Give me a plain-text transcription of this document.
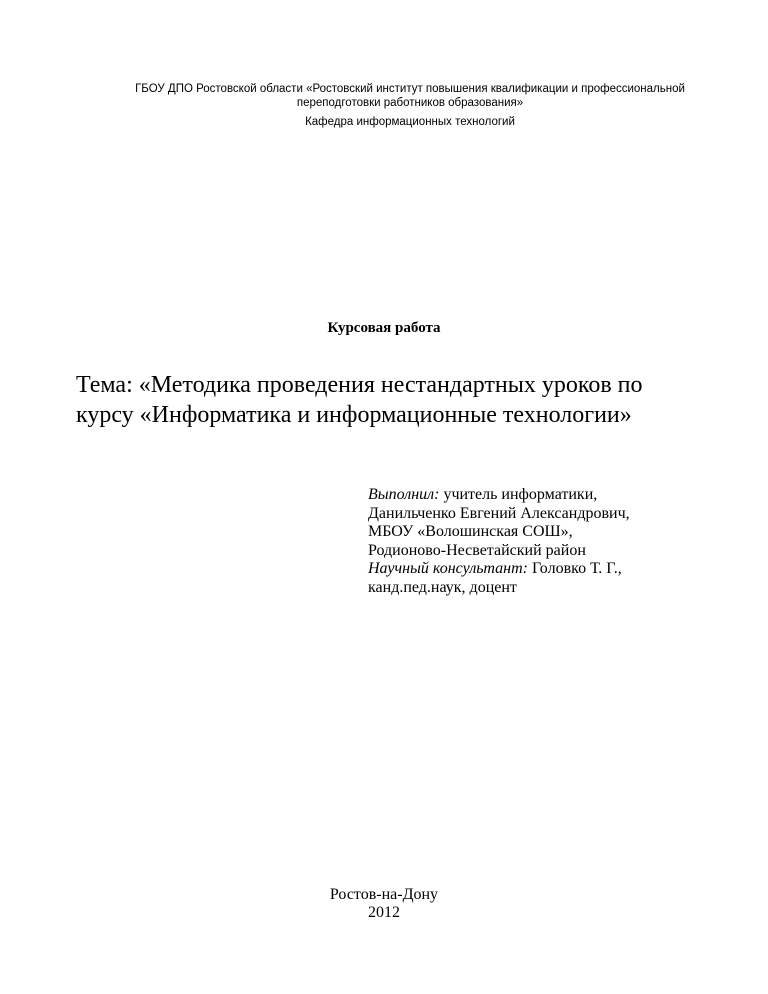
ГБОУ ДПО Ростовской области «Ростовский институт повышения квалификации и профессиональной
переподготовки работников образования»
Кафедра информационных технологий
Курсовая работа
Тема: «Методика проведения нестандартных уроков по
курсу «Информатика и информационные технологии»
Выполнил: учитель информатики,
Данильченко Евгений Александрович,
МБОУ «Волошинская СОШ»,
Родионово-Несветайский район
Научный консультант: Головко Т. Г.,
канд.пед.наук, доцент
Ростов-на-Дону
2012
